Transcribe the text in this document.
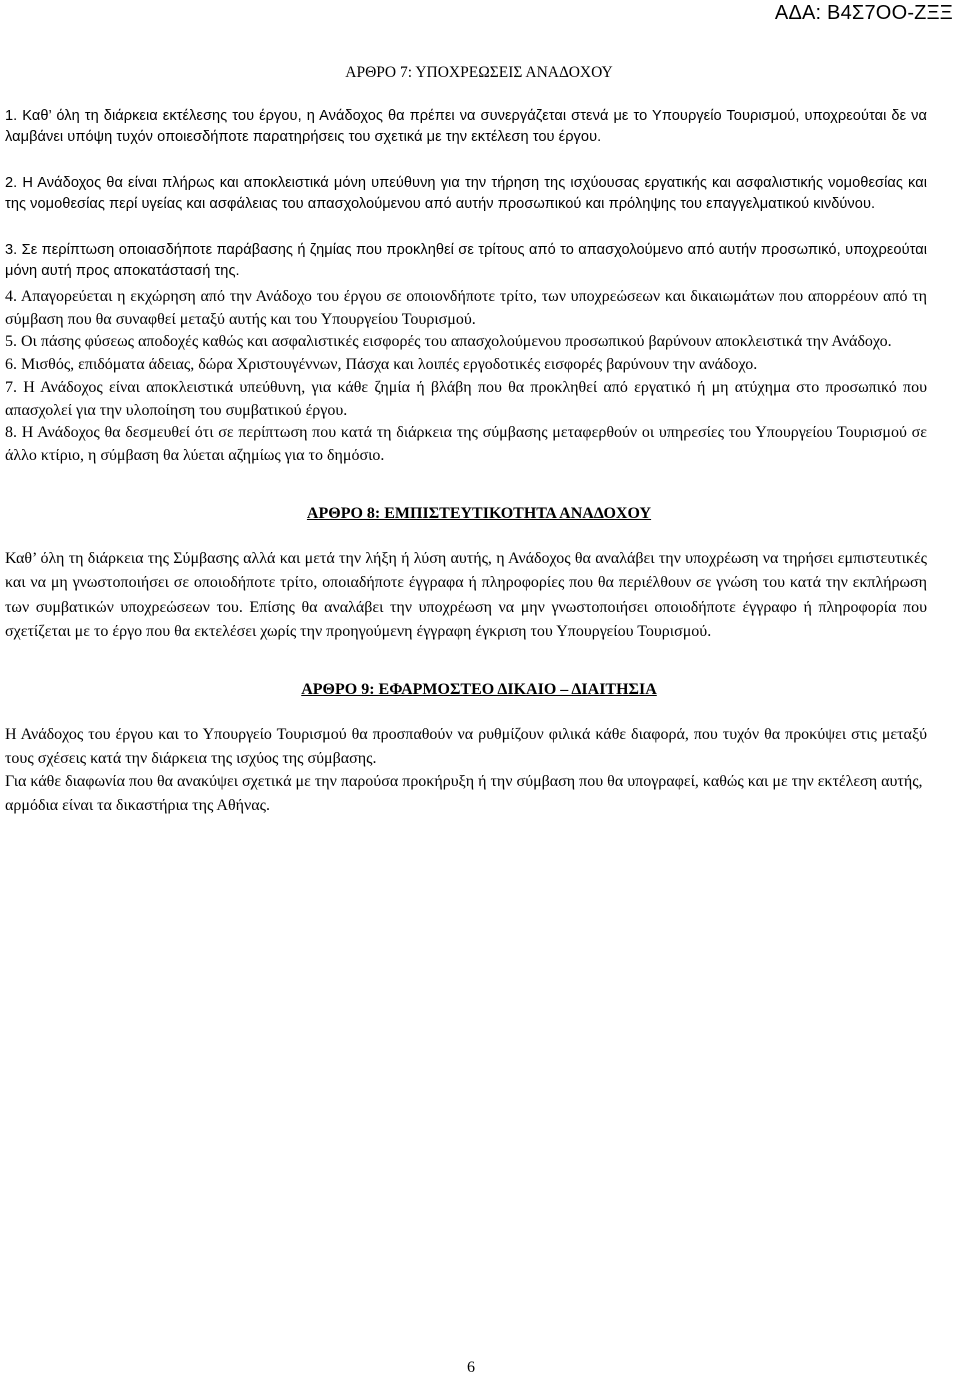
ΑΔΑ: Β4Σ7ΟΟ-ΖΞΞ
ΑΡΘΡΟ 7: ΥΠΟΧΡΕΩΣΕΙΣ ΑΝΑΔΟΧΟΥ
1. Καθ’ όλη τη διάρκεια εκτέλεσης του έργου, η Ανάδοχος θα πρέπει να συνεργάζεται στενά με το Υπουργείο Τουρισμού, υποχρεούται δε να λαμβάνει υπόψη τυχόν οποιεσδήποτε παρατηρήσεις του σχετικά με την εκτέλεση του έργου.
2. Η Ανάδοχος θα είναι πλήρως και αποκλειστικά μόνη υπεύθυνη για την τήρηση της ισχύουσας εργατικής και ασφαλιστικής νομοθεσίας και της νομοθεσίας περί υγείας και ασφάλειας του απασχολούμενου από αυτήν προσωπικού και πρόληψης του επαγγελματικού κινδύνου.

3. Σε περίπτωση οποιασδήποτε παράβασης ή ζημίας που προκληθεί σε τρίτους από το απασχολούμενο από αυτήν προσωπικό, υποχρεούται μόνη αυτή προς αποκατάστασή της.

4. Απαγορεύεται η εκχώρηση από την Ανάδοχο του έργου σε οποιονδήποτε τρίτο, των υποχρεώσεων και δικαιωμάτων που απορρέουν από τη σύμβαση που θα συναφθεί μεταξύ αυτής και του Υπουργείου Τουρισμού.

5. Οι πάσης φύσεως αποδοχές καθώς και ασφαλιστικές εισφορές του απασχολούμενου προσωπικού βαρύνουν αποκλειστικά την Ανάδοχο.

6. Μισθός, επιδόματα άδειας, δώρα Χριστουγέννων, Πάσχα και λοιπές εργοδοτικές εισφορές βαρύνουν την ανάδοχο.

7. Η Ανάδοχος είναι αποκλειστικά υπεύθυνη, για κάθε ζημία ή βλάβη που θα προκληθεί από εργατικό ή μη ατύχημα στο προσωπικό που απασχολεί για την υλοποίηση του συμβατικού έργου.

8. Η Ανάδοχος θα δεσμευθεί ότι σε περίπτωση που κατά τη διάρκεια της σύμβασης μεταφερθούν οι υπηρεσίες του Υπουργείου Τουρισμού σε άλλο κτίριο, η σύμβαση θα λύεται αζημίως για το δημόσιο.

ΑΡΘΡΟ 8: ΕΜΠΙΣΤΕΥΤΙΚΟΤΗΤΑ ΑΝΑΔΟΧΟΥ
Καθ’ όλη τη διάρκεια της Σύμβασης αλλά και μετά την λήξη ή λύση αυτής, η Ανάδοχος θα αναλάβει την υποχρέωση να τηρήσει εμπιστευτικές και να μη γνωστοποιήσει σε οποιοδήποτε τρίτο, οποιαδήποτε έγγραφα ή πληροφορίες που θα περιέλθουν σε γνώση του κατά την εκπλήρωση των συμβατικών υποχρεώσεων του. Επίσης θα αναλάβει την υποχρέωση να μην γνωστοποιήσει οποιοδήποτε έγγραφο ή πληροφορία που σχετίζεται με το έργο που θα εκτελέσει χωρίς την προηγούμενη έγγραφη έγκριση του Υπουργείου Τουρισμού.
ΑΡΘΡΟ 9: ΕΦΑΡΜΟΣΤΕΟ ΔΙΚΑΙΟ – ΔΙΑΙΤΗΣΙΑ

Η Ανάδοχος του έργου και το Υπουργείο Τουρισμού θα προσπαθούν να ρυθμίζουν φιλικά κάθε διαφορά, που τυχόν θα προκύψει στις μεταξύ τους σχέσεις κατά την διάρκεια της ισχύος της σύμβασης.

Για κάθε διαφωνία που θα ανακύψει σχετικά με την παρούσα προκήρυξη ή την σύμβαση που θα υπογραφεί, καθώς και με την εκτέλεση αυτής, αρμόδια είναι τα δικαστήρια της Αθήνας.

6
